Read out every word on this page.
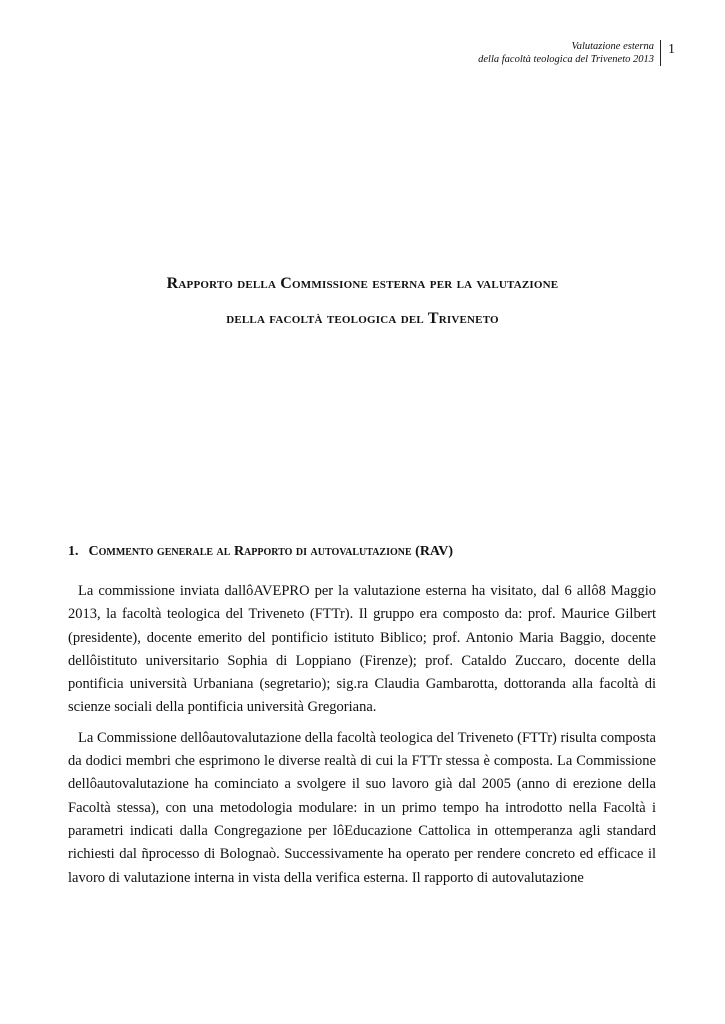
Valutazione esterna
della facoltà teologica del Triveneto 2013
1
Rapporto della Commissione esterna per la valutazione
della facoltà teologica del Triveneto
1. Commento generale al Rapporto di autovalutazione (RAV)

La commissione inviata dallôAVEPRO per la valutazione esterna ha visitato, dal 6 allô8 Maggio 2013, la facoltà teologica del Triveneto (FTTr). Il gruppo era composto da: prof. Maurice Gilbert (presidente), docente emerito del pontificio istituto Biblico; prof. Antonio Maria Baggio, docente dellôistituto universitario Sophia di Loppiano (Firenze); prof. Cataldo Zuccaro, docente della pontificia università Urbaniana (segretario); sig.ra Claudia Gambarotta, dottoranda alla facoltà di scienze sociali della pontificia università Gregoriana.

La Commissione dellôautovalutazione della facoltà teologica del Triveneto (FTTr) risulta composta da dodici membri che esprimono le diverse realtà di cui la FTTr stessa è composta. La Commissione dellôautovalutazione ha cominciato a svolgere il suo lavoro già dal 2005 (anno di erezione della Facoltà stessa), con una metodologia modulare: in un primo tempo ha introdotto nella Facoltà i parametri indicati dalla Congregazione per lôEducazione Cattolica in ottemperanza agli standard richiesti dal ñprocesso di Bolognaò. Successivamente ha operato per rendere concreto ed efficace il lavoro di valutazione interna in vista della verifica esterna. Il rapporto di autovalutazione
